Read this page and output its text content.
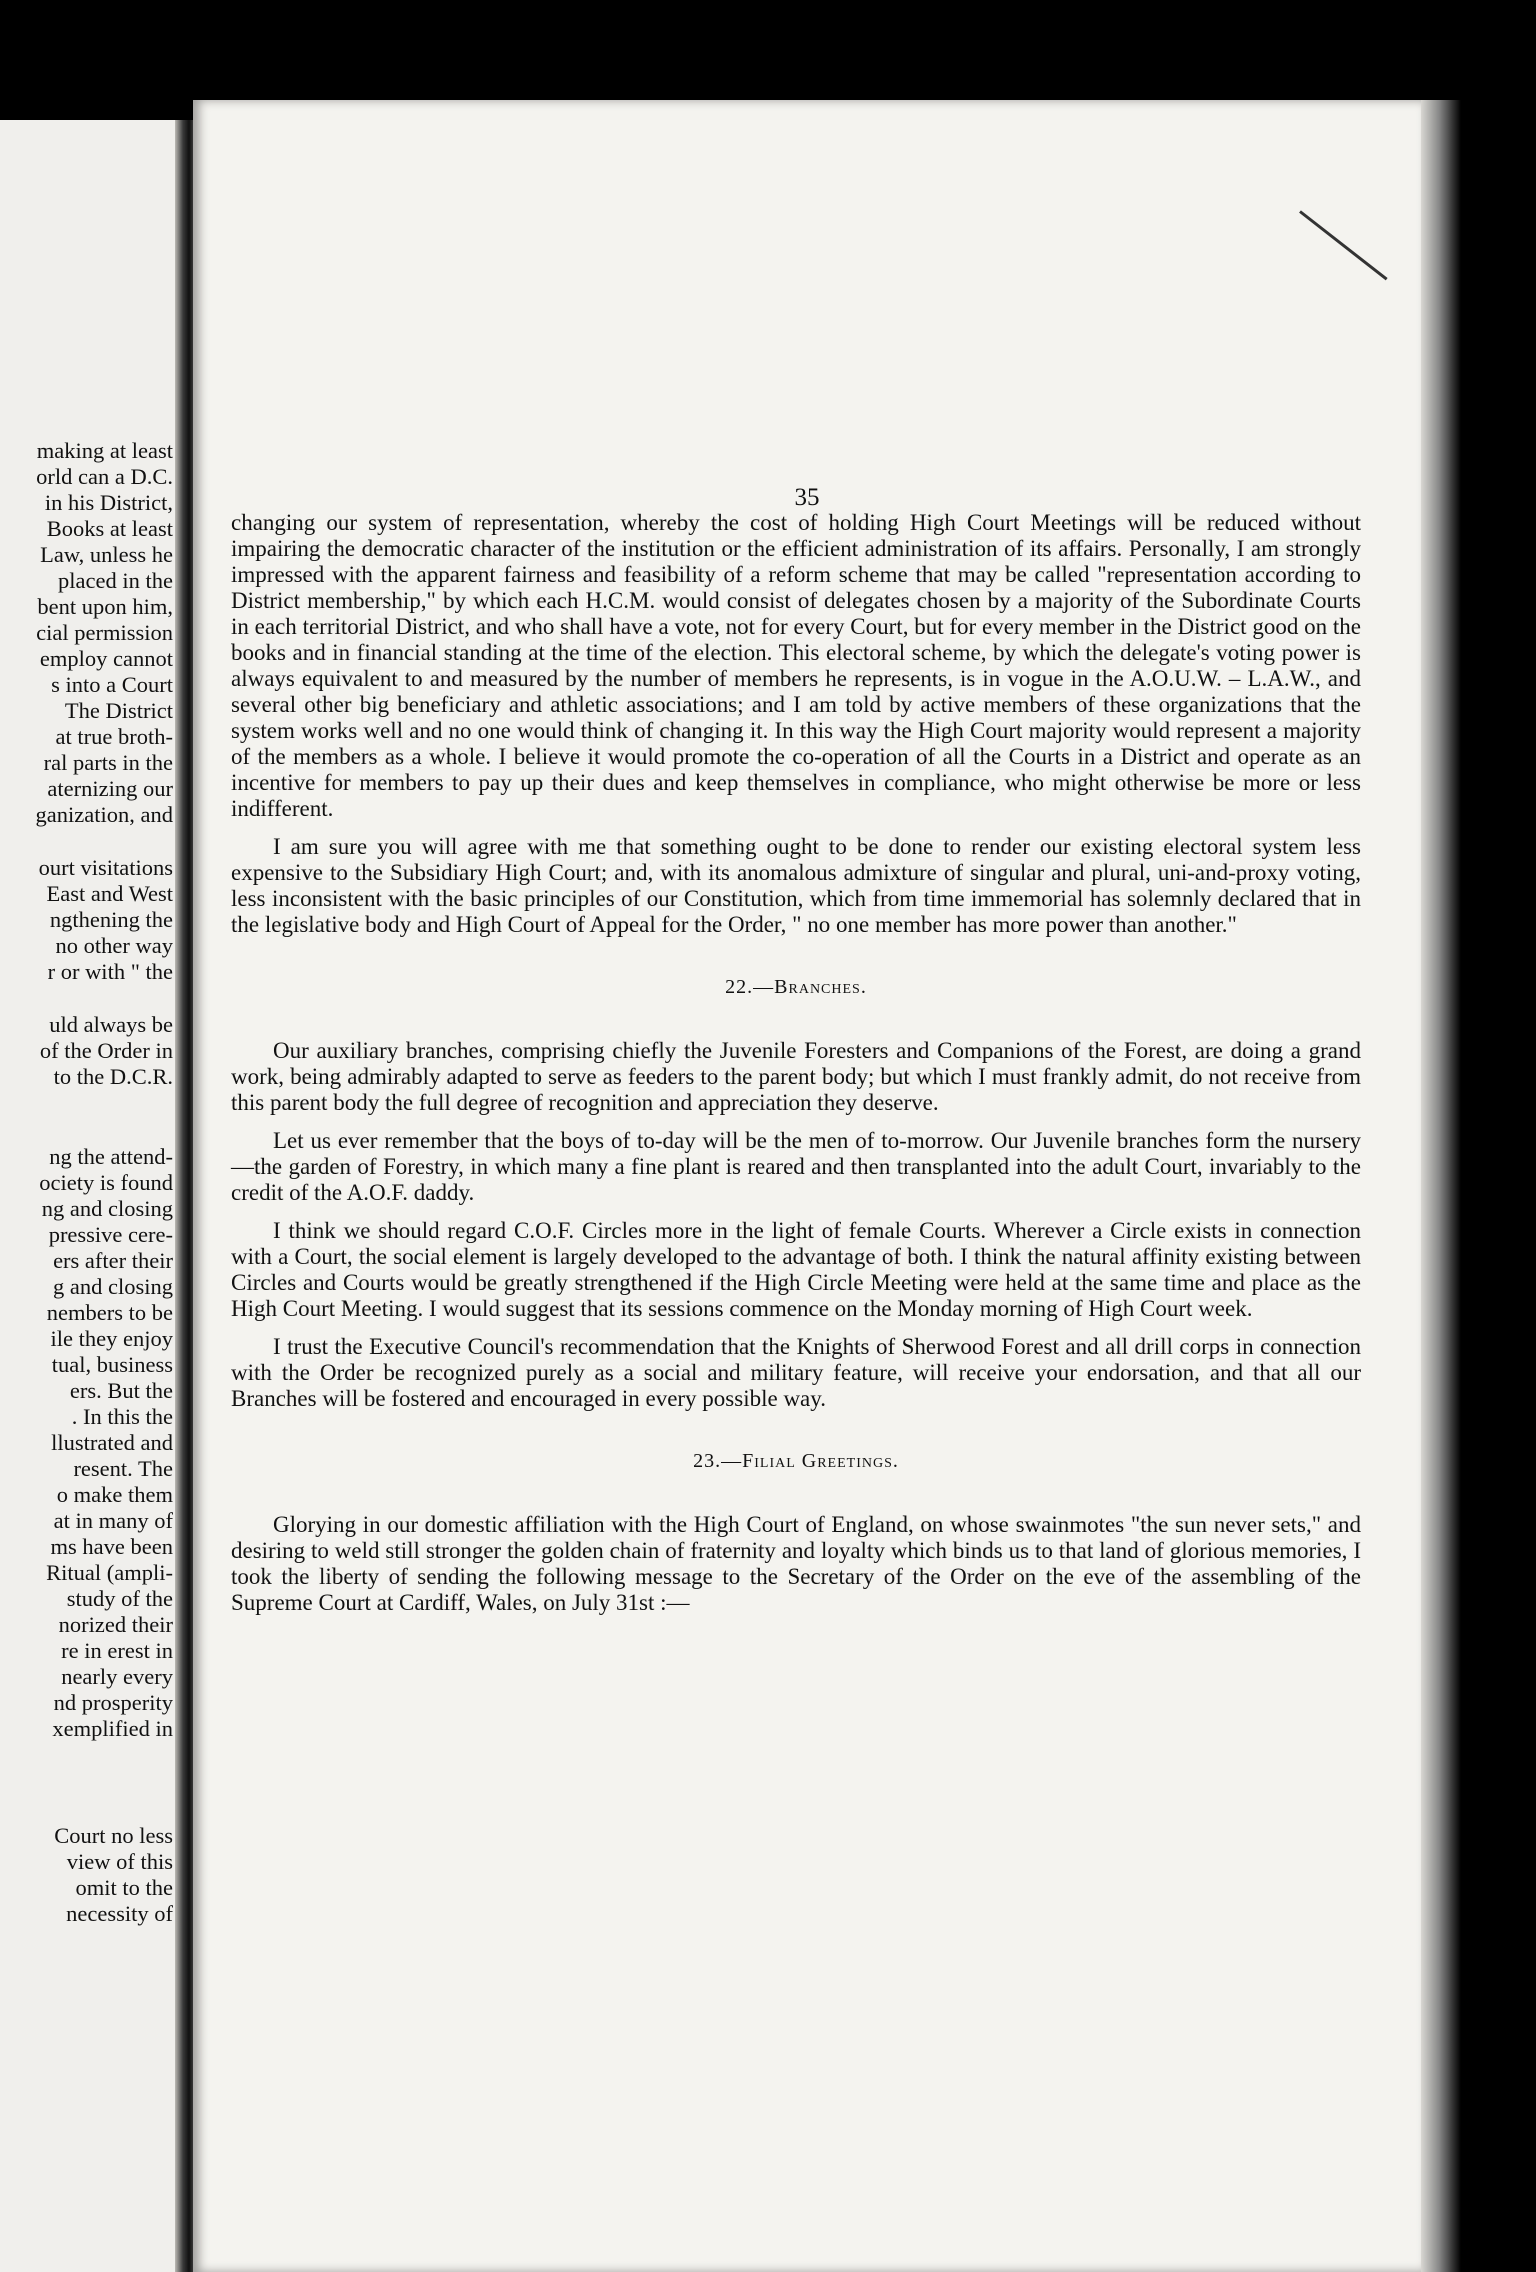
making at least
orld can a D.C.
in his District,
Books at least
Law, unless he
placed in the
bent upon him,
cial permission
employ cannot
s into a Court
The District
at true broth-
ral parts in the
aternizing our
ganization, and
ourt visitations
East and West
ngthening the
no other way
r or with " the
uld always be
of the Order in
to the D.C.R.
ng the attend-
ociety is found
ng and closing
pressive cere-
ers after their
g and closing
nembers to be
ile they enjoy
tual, business
ers. But the
. In this the
llustrated and
resent. The
o make them
at in many of
ms have been
Ritual (ampli-
study of the
norized their
re in erest in
nearly every
nd prosperity
xemplified in
Court no less
view of this
omit to the
necessity of
35

changing our system of representation, whereby the cost of holding High Court Meetings will be reduced without impairing the democratic character of the institution or the efficient administration of its affairs. Personally, I am strongly impressed with the apparent fairness and feasibility of a reform scheme that may be called "representation according to District membership," by which each H.C.M. would consist of delegates chosen by a majority of the Subordinate Courts in each territorial District, and who shall have a vote, not for every Court, but for every member in the District good on the books and in financial standing at the time of the election. This electoral scheme, by which the delegate's voting power is always equivalent to and measured by the number of members he represents, is in vogue in the A.O.U.W. – L.A.W., and several other big beneficiary and athletic associations; and I am told by active members of these organizations that the system works well and no one would think of changing it. In this way the High Court majority would represent a majority of the members as a whole. I believe it would promote the co-operation of all the Courts in a District and operate as an incentive for members to pay up their dues and keep themselves in compliance, who might otherwise be more or less indifferent.

I am sure you will agree with me that something ought to be done to render our existing electoral system less expensive to the Subsidiary High Court; and, with its anomalous admixture of singular and plural, uni-and-proxy voting, less inconsistent with the basic principles of our Constitution, which from time immemorial has solemnly declared that in the legislative body and High Court of Appeal for the Order, " no one member has more power than another."

22.—Branches.

Our auxiliary branches, comprising chiefly the Juvenile Foresters and Companions of the Forest, are doing a grand work, being admirably adapted to serve as feeders to the parent body; but which I must frankly admit, do not receive from this parent body the full degree of recognition and appreciation they deserve.

Let us ever remember that the boys of to-day will be the men of to-morrow. Our Juvenile branches form the nursery—the garden of Forestry, in which many a fine plant is reared and then transplanted into the adult Court, invariably to the credit of the A.O.F. daddy.

I think we should regard C.O.F. Circles more in the light of female Courts. Wherever a Circle exists in connection with a Court, the social element is largely developed to the advantage of both. I think the natural affinity existing between Circles and Courts would be greatly strengthened if the High Circle Meeting were held at the same time and place as the High Court Meeting. I would suggest that its sessions commence on the Monday morning of High Court week.

I trust the Executive Council's recommendation that the Knights of Sherwood Forest and all drill corps in connection with the Order be recognized purely as a social and military feature, will receive your endorsation, and that all our Branches will be fostered and encouraged in every possible way.

23.—Filial Greetings.

Glorying in our domestic affiliation with the High Court of England, on whose swainmotes "the sun never sets," and desiring to weld still stronger the golden chain of fraternity and loyalty which binds us to that land of glorious memories, I took the liberty of sending the following message to the Secretary of the Order on the eve of the assembling of the Supreme Court at Cardiff, Wales, on July 31st :—
